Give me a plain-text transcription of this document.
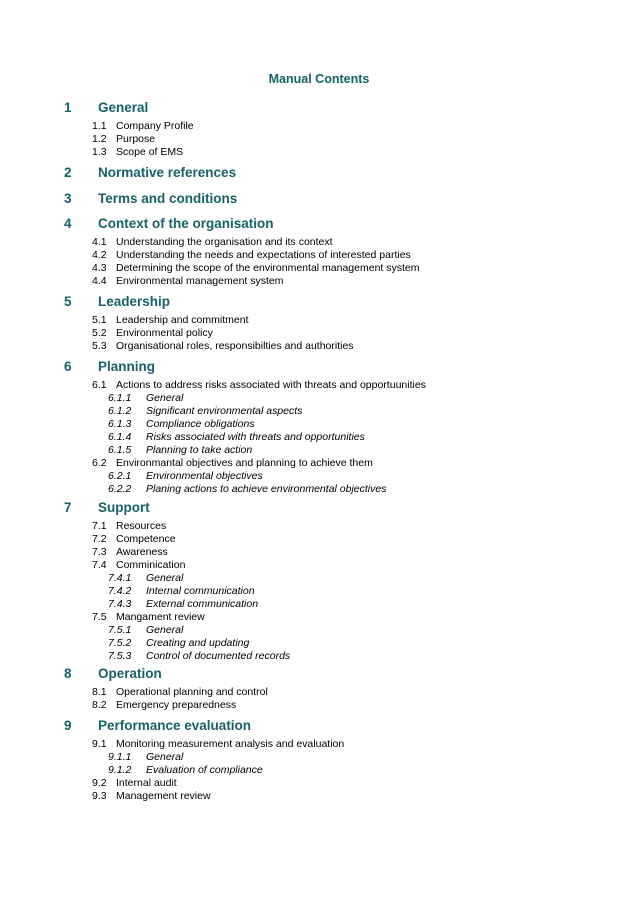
Manual Contents
1 General
1.1 Company Profile
1.2 Purpose
1.3 Scope of EMS
2 Normative references
3 Terms and conditions
4 Context of the organisation
4.1 Understanding the organisation and its context
4.2 Understanding the needs and expectations of interested parties
4.3 Determining the scope of the environmental management system
4.4 Environmental management system
5 Leadership
5.1 Leadership and commitment
5.2 Environmental policy
5.3 Organisational roles, responsibilties and authorities
6 Planning
6.1 Actions to address risks associated with threats and opportuunities
6.1.1 General
6.1.2 Significant environmental aspects
6.1.3 Compliance obligations
6.1.4 Risks associated with threats and opportunities
6.1.5 Planning to take action
6.2 Environmantal objectives and planning to achieve them
6.2.1 Environmental objectives
6.2.2 Planing actions to achieve environmental objectives
7 Support
7.1 Resources
7.2 Competence
7.3 Awareness
7.4 Comminication
7.4.1 General
7.4.2 Internal communication
7.4.3 External communication
7.5 Mangament review
7.5.1 General
7.5.2 Creating and updating
7.5.3 Control of documented records
8 Operation
8.1 Operational planning and control
8.2 Emergency preparedness
9 Performance evaluation
9.1 Monitoring measurement analysis and evaluation
9.1.1 General
9.1.2 Evaluation of compliance
9.2 Internal audit
9.3 Management review
